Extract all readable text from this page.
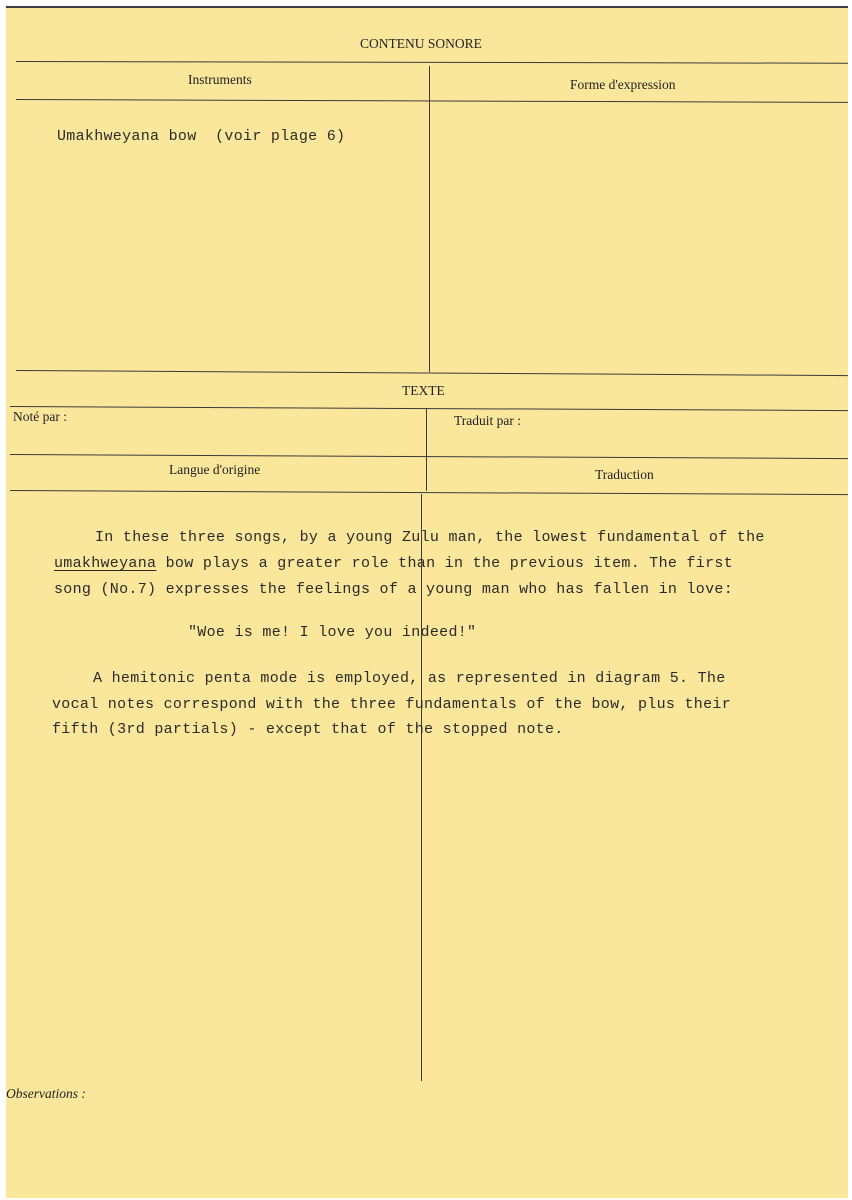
CONTENU SONORE
Instruments	Forme d'expression
Umakhweyana bow  (voir plage 6)
TEXTE
Noté par :	Traduit par :
Langue d'origine	Traduction
In these three songs, by a young Zulu man, the lowest fundamental of the
umakhweyana bow plays a greater role than in the previous item. The first
song (No.7) expresses the feelings of a young man who has fallen in love:
"Woe is me! I love you indeed!"
A hemitonic penta mode is employed, as represented in diagram 5. The
vocal notes correspond with the three fundamentals of the bow, plus their
fifth (3rd partials) - except that of the stopped note.
Observations :
